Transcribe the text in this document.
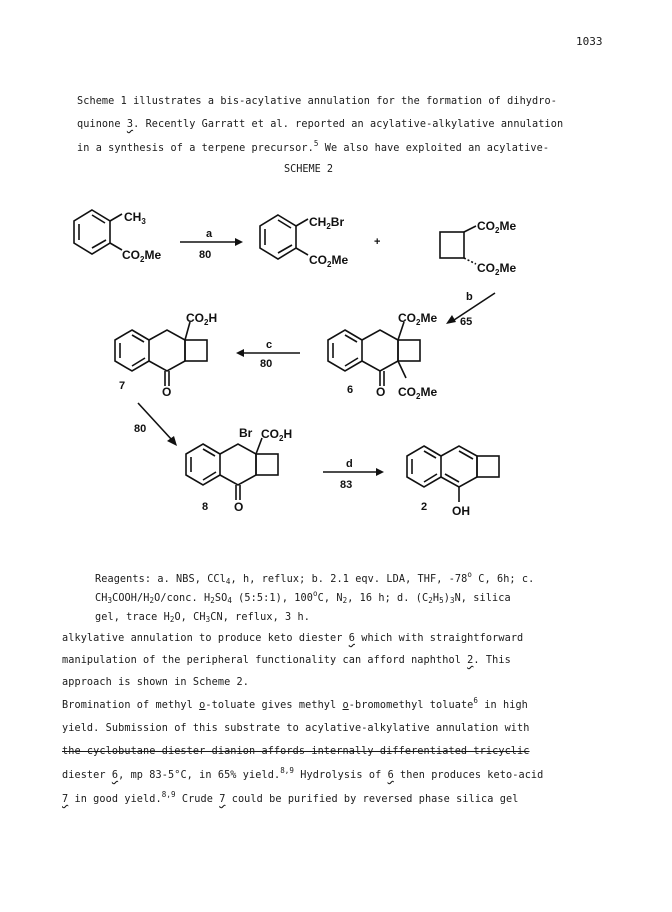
1033
Scheme 1 illustrates a bis-acylative annulation for the formation of dihydro-
quinone 3. Recently Garratt et al. reported an acylative-alkylative annulation
in a synthesis of a terpene precursor.$^5$ We also have exploited an acylative-
SCHEME 2
$CH_3$
$CO_2Me$
a
80
$CH_2Br$
$CO_2Me$
+
$CO_2Me$
$CO_2Me$
b
65
$CO_2Me$
O $CO_2Me$
6
c
80
$CO_2H$
O
7
80	Br $CO_2H$
O
8
d
83
OH
2
Reagents: a. NBS, CCl$_4$, h, reflux; b. 2.1 eqv. LDA, THF, -78$^o$ C, 6h; c.
$CH_3COOH/H_2O$/conc. $H_2SO_4$ (5:5:1), 100$^o$C, $N_2$, 16 h; d. $(C_2H_5)_3N$, silica
gel, trace $H_2O$, $CH_3CN$, reflux, 3 h.
alkylative annulation to produce keto diester 6 which with straightforward
manipulation of the peripheral functionality can afford naphthol 2. This
approach is shown in Scheme 2.
Bromination of methyl o-toluate gives methyl o-bromomethyl toluate$^6$ in high
yield. Submission of this substrate to acylative-alkylative annulation with
the cyclobutane diester dianion affords internally differentiated tricyclic
diester 6, mp 83-5°C, in 65% yield.$^{8,9}$ Hydrolysis of 6 then produces keto-acid
7 in good yield.$^{8,9}$ Crude 7 could be purified by reversed phase silica gel
